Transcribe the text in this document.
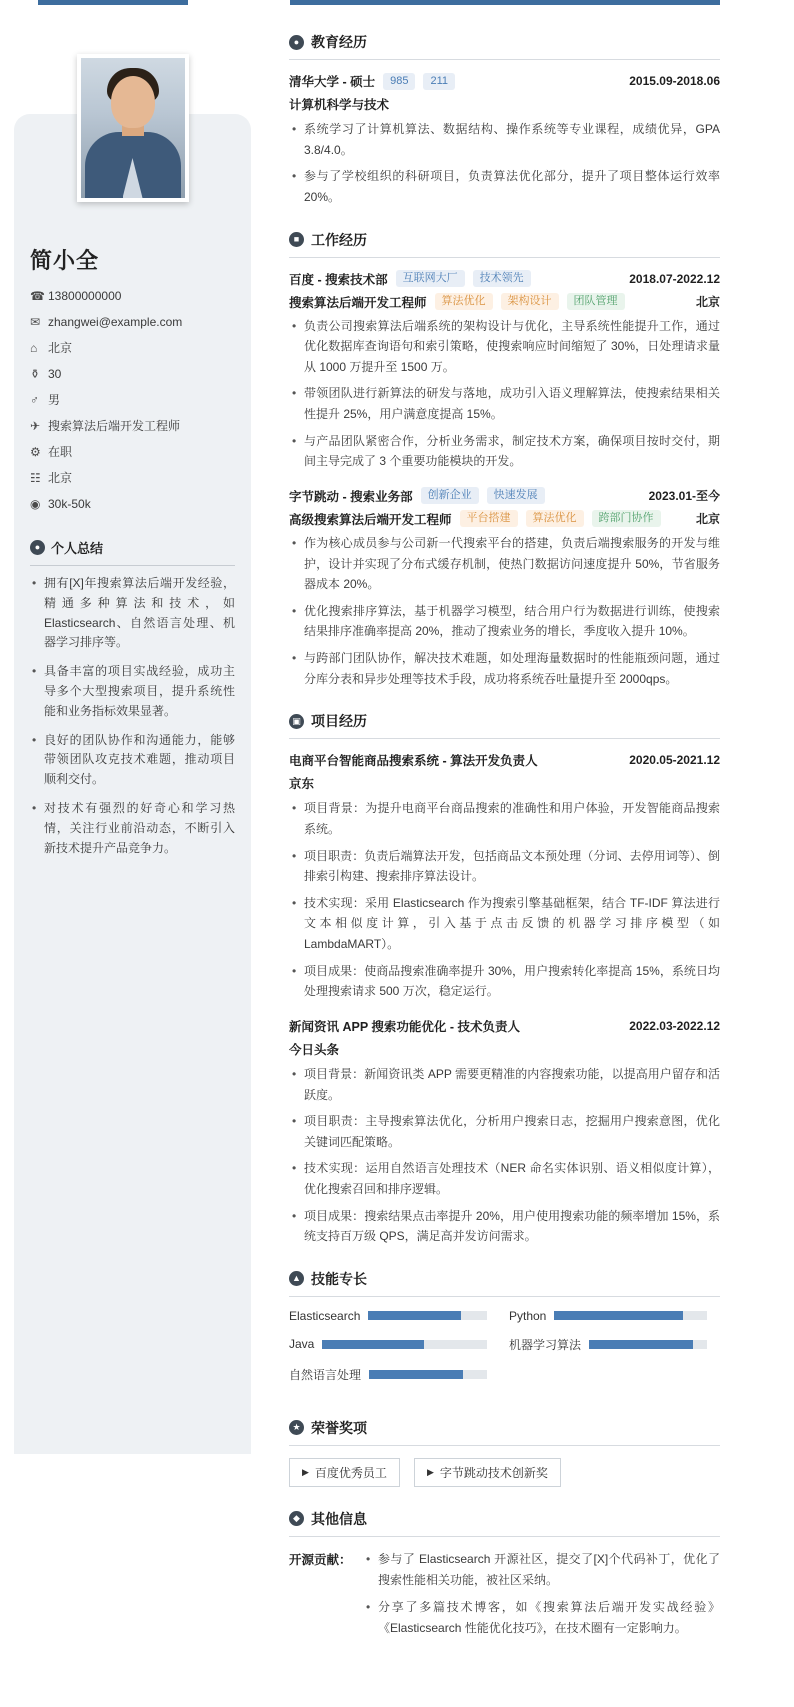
简小全
☎ 13800000000
✉ zhangwei@example.com
⌂ 北京
⚱ 30
♂ 男
✈ 搜索算法后端开发工程师
⚙ 在职
☷ 北京
◉ 30k-50k
● 个人总结
• 拥有[X]年搜索算法后端开发经验，精通多种算法和技术，如 Elasticsearch、自然语言处理、机器学习排序等。
• 具备丰富的项目实战经验，成功主导多个大型搜索项目，提升系统性能和业务指标效果显著。
• 良好的团队协作和沟通能力，能够带领团队攻克技术难题，推动项目顺利交付。
• 对技术有强烈的好奇心和学习热情，关注行业前沿动态，不断引入新技术提升产品竞争力。
● 教育经历
清华大学 - 硕士	985	211	2015.09-2018.06
计算机科学与技术
• 系统学习了计算机算法、数据结构、操作系统等专业课程，成绩优异，GPA 3.8/4.0。
• 参与了学校组织的科研项目，负责算法优化部分，提升了项目整体运行效率 20%。
■ 工作经历
百度 - 搜索技术部	互联网大厂	技术领先	2018.07-2022.12
搜索算法后端开发工程师	算法优化	架构设计	团队管理	北京
• 负责公司搜索算法后端系统的架构设计与优化，主导系统性能提升工作，通过优化数据库查询语句和索引策略，使搜索响应时间缩短了 30%，日处理请求量从 1000 万提升至 1500 万。
• 带领团队进行新算法的研发与落地，成功引入语义理解算法，使搜索结果相关性提升 25%，用户满意度提高 15%。
• 与产品团队紧密合作，分析业务需求，制定技术方案，确保项目按时交付，期间主导完成了 3 个重要功能模块的开发。
字节跳动 - 搜索业务部	创新企业	快速发展	2023.01-至今
高级搜索算法后端开发工程师	平台搭建	算法优化	跨部门协作	北京
• 作为核心成员参与公司新一代搜索平台的搭建，负责后端搜索服务的开发与维护，设计并实现了分布式缓存机制，使热门数据访问速度提升 50%，节省服务器成本 20%。
• 优化搜索排序算法，基于机器学习模型，结合用户行为数据进行训练，使搜索结果排序准确率提高 20%，推动了搜索业务的增长，季度收入提升 10%。
• 与跨部门团队协作，解决技术难题，如处理海量数据时的性能瓶颈问题，通过分库分表和异步处理等技术手段，成功将系统吞吐量提升至 2000qps。
▣ 项目经历
电商平台智能商品搜索系统 - 算法开发负责人	2020.05-2021.12
京东
• 项目背景：为提升电商平台商品搜索的准确性和用户体验，开发智能商品搜索系统。
• 项目职责：负责后端算法开发，包括商品文本预处理（分词、去停用词等）、倒排索引构建、搜索排序算法设计。
• 技术实现：采用 Elasticsearch 作为搜索引擎基础框架，结合 TF-IDF 算法进行文本相似度计算，引入基于点击反馈的机器学习排序模型（如 LambdaMART）。
• 项目成果：使商品搜索准确率提升 30%，用户搜索转化率提高 15%，系统日均处理搜索请求 500 万次，稳定运行。
新闻资讯 APP 搜索功能优化 - 技术负责人	2022.03-2022.12
今日头条
• 项目背景：新闻资讯类 APP 需要更精准的内容搜索功能，以提高用户留存和活跃度。
• 项目职责：主导搜索算法优化，分析用户搜索日志，挖掘用户搜索意图，优化关键词匹配策略。
• 技术实现：运用自然语言处理技术（NER 命名实体识别、语义相似度计算），优化搜索召回和排序逻辑。
• 项目成果：搜索结果点击率提升 20%，用户使用搜索功能的频率增加 15%，系统支持百万级 QPS，满足高并发访问需求。
▲ 技能专长
Elasticsearch	Python
Java	机器学习算法
自然语言处理
★ 荣誉奖项
▶ 百度优秀员工	▶ 字节跳动技术创新奖
◆ 其他信息
开源贡献：	• 参与了 Elasticsearch 开源社区，提交了[X]个代码补丁，优化了搜索性能相关功能，被社区采纳。
• 分享了多篇技术博客，如《搜索算法后端开发实战经验》《Elasticsearch 性能优化技巧》，在技术圈有一定影响力。
